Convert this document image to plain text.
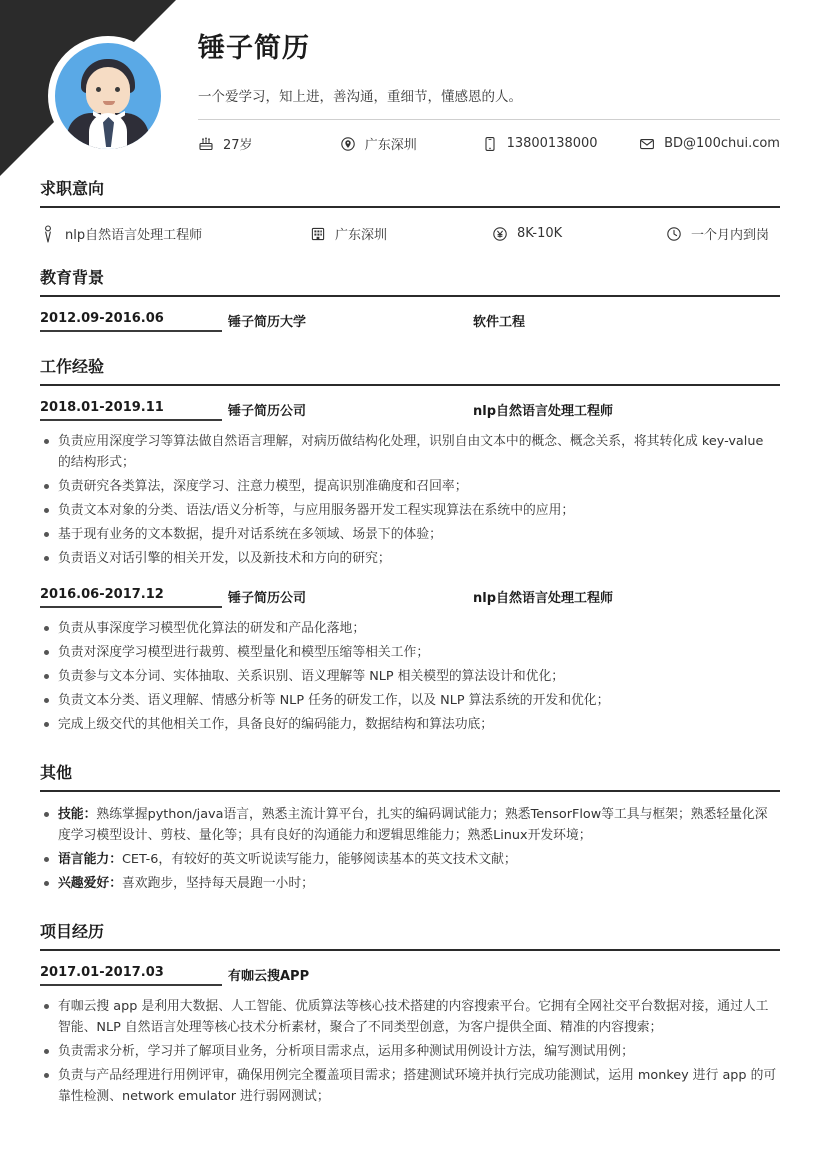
锤子简历
一个爱学习，知上进，善沟通，重细节，懂感恩的人。
27岁	广东深圳	13800138000	BD@100chui.com
求职意向
nlp自然语言处理工程师	广东深圳	8K-10K	一个月内到岗
教育背景
2012.09-2016.06	锤子简历大学	软件工程
工作经验
2018.01-2019.11	锤子简历公司	nlp自然语言处理工程师
负责应用深度学习等算法做自然语言理解，对病历做结构化处理，识别自由文本中的概念、概念关系，将其转化成 key-value 的结构形式；
负责研究各类算法，深度学习、注意力模型，提高识别准确度和召回率；
负责文本对象的分类、语法/语义分析等，与应用服务器开发工程实现算法在系统中的应用；
基于现有业务的文本数据，提升对话系统在多领域、场景下的体验；
负责语义对话引擎的相关开发，以及新技术和方向的研究；
2016.06-2017.12	锤子简历公司	nlp自然语言处理工程师
负责从事深度学习模型优化算法的研发和产品化落地；
负责对深度学习模型进行裁剪、模型量化和模型压缩等相关工作；
负责参与文本分词、实体抽取、关系识别、语义理解等 NLP 相关模型的算法设计和优化；
负责文本分类、语义理解、情感分析等 NLP 任务的研发工作，以及 NLP 算法系统的开发和优化；
完成上级交代的其他相关工作，具备良好的编码能力，数据结构和算法功底；
其他
技能：熟练掌握python/java语言，熟悉主流计算平台，扎实的编码调试能力；熟悉TensorFlow等工具与框架；熟悉轻量化深度学习模型设计、剪枝、量化等；具有良好的沟通能力和逻辑思维能力；熟悉Linux开发环境；
语言能力：CET-6，有较好的英文听说读写能力，能够阅读基本的英文技术文献；
兴趣爱好：喜欢跑步，坚持每天晨跑一小时；
项目经历
2017.01-2017.03	有咖云搜APP
有咖云搜 app 是利用大数据、人工智能、优质算法等核心技术搭建的内容搜索平台。它拥有全网社交平台数据对接，通过人工智能、NLP 自然语言处理等核心技术分析素材，聚合了不同类型创意，为客户提供全面、精准的内容搜索；
负责需求分析，学习并了解项目业务，分析项目需求点，运用多种测试用例设计方法，编写测试用例；
负责与产品经理进行用例评审，确保用例完全覆盖项目需求；搭建测试环境并执行完成功能测试，运用 monkey 进行 app 的可靠性检测、network emulator 进行弱网测试；
